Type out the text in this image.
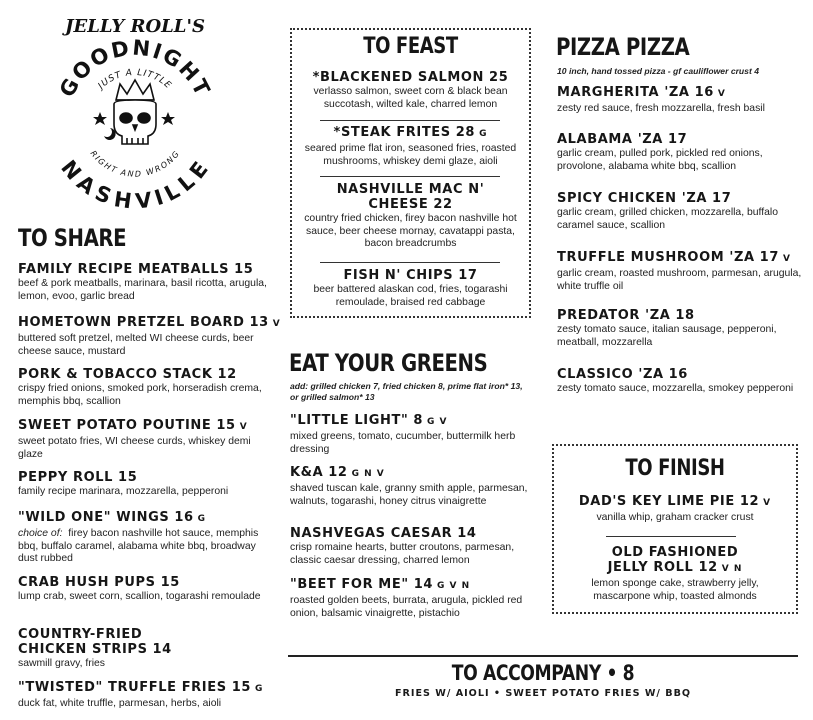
JELLY ROLL'S
GOODNIGHT
NASHVILLE
JUST A LITTLE
RIGHT AND WRONG
TO SHARE
FAMILY RECIPE MEATBALLS 15
beef & pork meatballs, marinara, basil ricotta, arugula, lemon, evoo, garlic bread
HOMETOWN PRETZEL BOARD 13 V
buttered soft pretzel, melted WI cheese curds, beer cheese sauce, mustard
PORK & TOBACCO STACK 12
crispy fried onions, smoked pork, horseradish crema, memphis bbq, scallion
SWEET POTATO POUTINE 15 V
sweet potato fries, WI cheese curds, whiskey demi glaze
PEPPY ROLL 15
family recipe marinara, mozzarella, pepperoni
"WILD ONE" WINGS 16 G
choice of: firey bacon nashville hot sauce, memphis bbq, buffalo caramel, alabama white bbq, broadway dust rubbed
CRAB HUSH PUPS 15
lump crab, sweet corn, scallion, togarashi remoulade
COUNTRY-FRIED CHICKEN STRIPS 14
sawmill gravy, fries
"TWISTED" TRUFFLE FRIES 15 G
duck fat, white truffle, parmesan, herbs, aioli
TO FEAST
*BLACKENED SALMON 25
verlasso salmon, sweet corn & black bean succotash, wilted kale, charred lemon
*STEAK FRITES 28 G
seared prime flat iron, seasoned fries, roasted mushrooms, whiskey demi glaze, aioli
NASHVILLE MAC N' CHEESE 22
country fried chicken, firey bacon nashville hot sauce, beer cheese mornay, cavatappi pasta, bacon breadcrumbs
FISH N' CHIPS 17
beer battered alaskan cod, fries, togarashi remoulade, braised red cabbage
EAT YOUR GREENS
add: grilled chicken 7, fried chicken 8, prime flat iron* 13, or grilled salmon* 13
"LITTLE LIGHT" 8 G V
mixed greens, tomato, cucumber, buttermilk herb dressing
K&A 12 G N V
shaved tuscan kale, granny smith apple, parmesan, walnuts, togarashi, honey citrus vinaigrette
NASHVEGAS CAESAR 14
crisp romaine hearts, butter croutons, parmesan, classic caesar dressing, charred lemon
"BEET FOR ME" 14 G V N
roasted golden beets, burrata, arugula, pickled red onion, balsamic vinaigrette, pistachio
PIZZA PIZZA
10 inch, hand tossed pizza - gf cauliflower crust 4
MARGHERITA 'ZA 16 V
zesty red sauce, fresh mozzarella, fresh basil
ALABAMA 'ZA 17
garlic cream, pulled pork, pickled red onions, provolone, alabama white bbq, scallion
SPICY CHICKEN 'ZA 17
garlic cream, grilled chicken, mozzarella, buffalo caramel sauce, scallion
TRUFFLE MUSHROOM 'ZA 17 V
garlic cream, roasted mushroom, parmesan, arugula, white truffle oil
PREDATOR 'ZA 18
zesty tomato sauce, italian sausage, pepperoni, meatball, mozzarella
CLASSICO 'ZA 16
zesty tomato sauce, mozzarella, smokey pepperoni
TO FINISH
DAD'S KEY LIME PIE 12 V
vanilla whip, graham cracker crust
OLD FASHIONED JELLY ROLL 12 V N
lemon sponge cake, strawberry jelly, mascarpone whip, toasted almonds
TO ACCOMPANY • 8
FRIES W/ AIOLI • SWEET POTATO FRIES W/ BBQ
